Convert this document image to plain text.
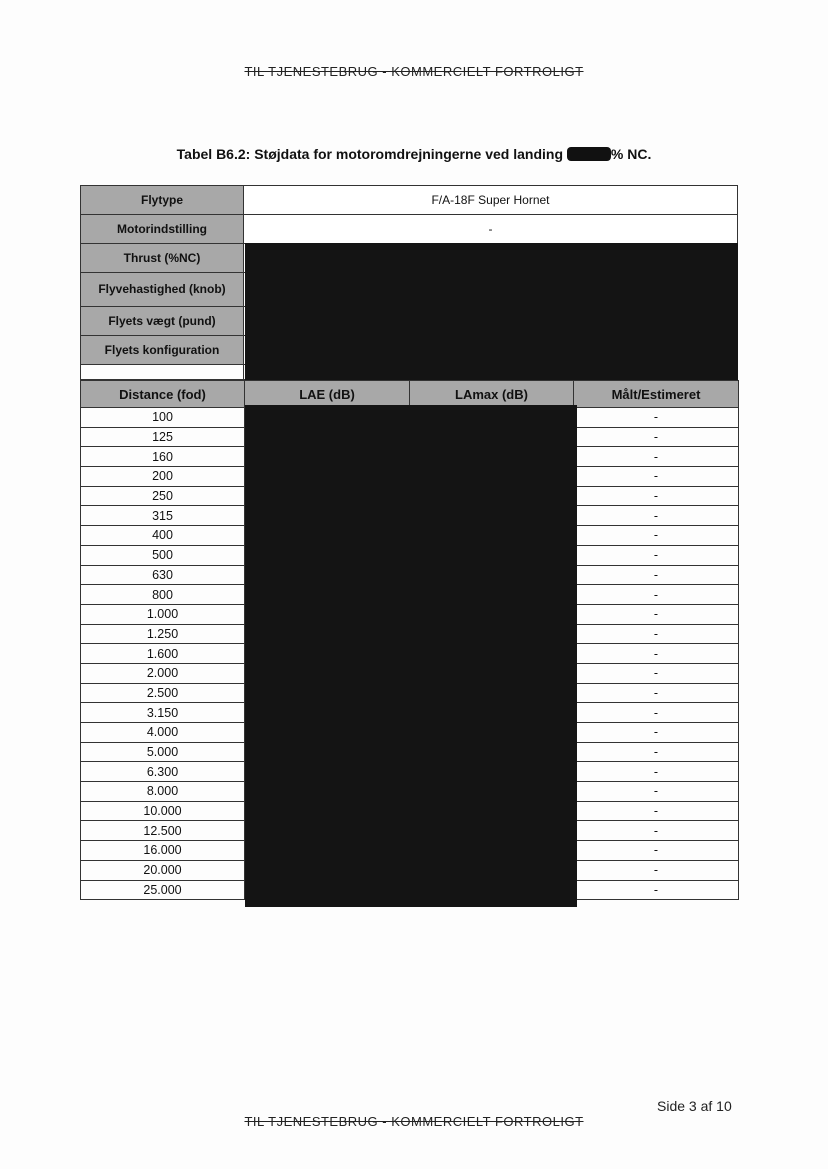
TIL TJENESTEBRUG - KOMMERCIELT FORTROLIGT
Tabel B6.2: Støjdata for motoromdrejningerne ved landing	% NC.
Flytype	F/A-18F Super Hornet
Motorindstilling	-
Thrust (%NC)	
Flyvehastighed (knob)	
Flyets vægt (pund)	
Flyets konfiguration	

Distance (fod)	LAE (dB)	LAmax (dB)	Målt/Estimeret
100			-
125			-
160			-
200			-
250			-
315			-
400			-
500			-
630			-
800			-
1.000			-
1.250			-
1.600			-
2.000			-
2.500			-
3.150			-
4.000			-
5.000			-
6.300			-
8.000			-
10.000			-
12.500			-
16.000			-
20.000			-
25.000			-
Side 3 af 10
TIL TJENESTEBRUG - KOMMERCIELT FORTROLIGT
